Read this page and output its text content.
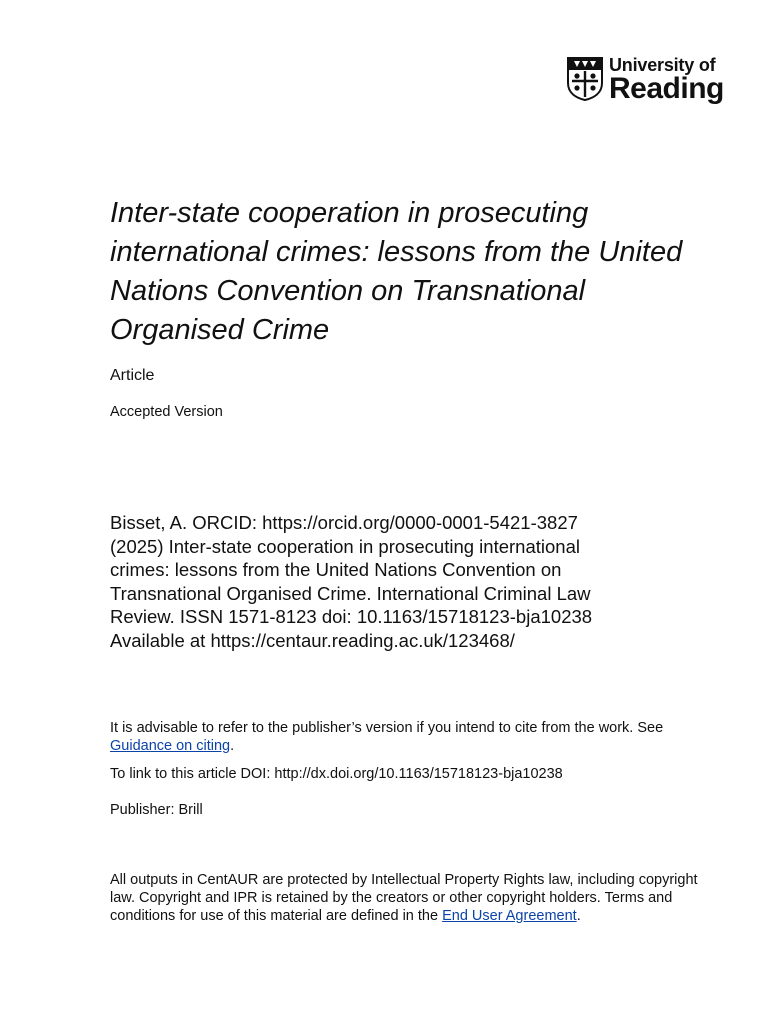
University of
Reading
Inter-state cooperation in prosecuting international crimes: lessons from the United Nations Convention on Transnational Organised Crime

Article

Accepted Version

Bisset, A. ORCID: https://orcid.org/0000-0001-5421-3827
(2025) Inter-state cooperation in prosecuting international
crimes: lessons from the United Nations Convention on
Transnational Organised Crime. International Criminal Law
Review. ISSN 1571-8123 doi: 10.1163/15718123-bja10238
Available at https://centaur.reading.ac.uk/123468/

It is advisable to refer to the publisher’s version if you intend to cite from the work. See Guidance on citing.

To link to this article DOI: http://dx.doi.org/10.1163/15718123-bja10238

Publisher: Brill

All outputs in CentAUR are protected by Intellectual Property Rights law, including copyright law. Copyright and IPR is retained by the creators or other copyright holders. Terms and conditions for use of this material are defined in the End User Agreement.
